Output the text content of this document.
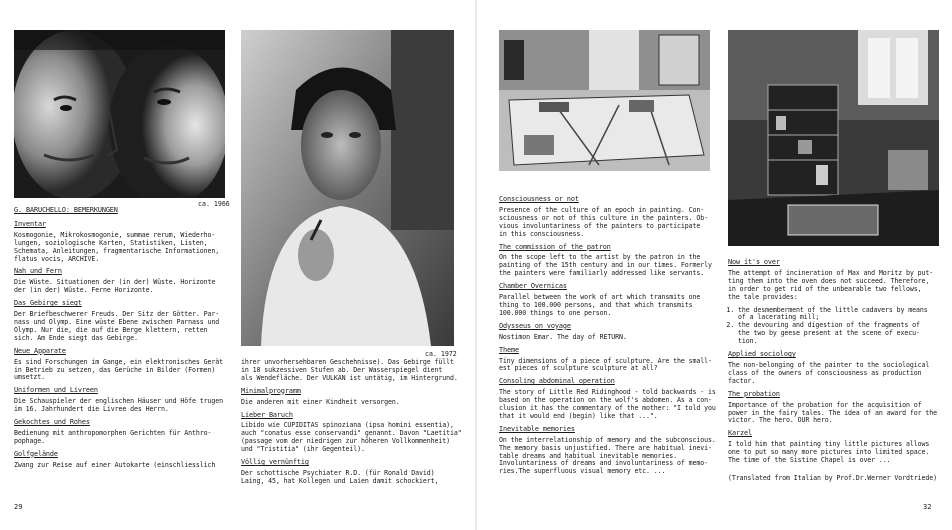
ca. 1966
ca. 1972
G. BARUCHELLO: BEMERKUNGEN
Inventar

Kosmogonie, Mikrokosmogonie, summae rerum, Wiederho-
lungen, soziologische Karten, Statistiken, Listen,
Schemata, Anleitungen, fragmentarische Informationen,
flatus vocis, ARCHIVE.

Nah und Fern

Die Wüste. Situationen der (in der) Wüste. Horizonte
der (in der) Wüste. Ferne Horizonte.

Das Gebirge siegt

Der Briefbeschwerer Freuds. Der Sitz der Götter. Par-
nass und Olymp. Eine wüste Ebene zwischen Parnass und
Olymp. Nur die, die auf die Berge klettern, retten
sich. Am Ende siegt das Gebirge.

Neue Apparate

Es sind Forschungen im Gange, ein elektronisches Gerät
in Betrieb zu setzen, das Gerüche in Bilder (Formen)
umsetzt.

Uniformen und Livreen

Die Schauspieler der englischen Häuser und Höfe trugen
im 16. Jahrhundert die Livree des Herrn.

Gekochtes und Rohes

Bedienung mit anthropomorphen Gerichten für Anthro-
pophage.

Golfgelände

Zwang zur Reise auf einer Autokarte (einschliesslich

ihrer unvorhersehbaren Geschehnisse). Das Gebirge füllt
in 18 sukzessiven Stufen ab. Der Wasserspiegel dient
als Wendefläche. Der VULKAN ist untätig, im Hintergrund.

Minimalprogramm

Die anderen mit einer Kindheit versorgen.

Lieber Baruch

Libido wie CUPIDITAS spinoziana (ipsa homini essentia),
auch "conatus esse conservandi" genannt. Davon "Laetitia"
(passage vom der niedrigen zur höheren Vollkommenheit)
und "Tristitia" (ihr Gegenteil).

Völlig vernünftig

Der schottische Psychiater R.D. (für Ronald David)
Laing, 45, hat Kollegen und Laien damit schockiert,

29
Consciousness or not

Presence of the culture of an epoch in painting. Con-
sciousness or not of this culture in the painters. Ob-
vious involuntariness of the painters to participate
in this consciousness.

The commission of the patron

On the scope left to the artist by the patron in the
painting of the 15th century and in our times. Formerly
the painters were familiarly addressed like servants.

Chamber Overnicas

Parallel between the work of art which transmits one
thing to 100.000 persons, and that which transmits
100.000 things to one person.

Odysseus on voyage

Nostimon Emar. The day of RETURN.

Theme

Tiny dimensions of a piece of sculpture. Are the small-
est pieces of sculpture sculpture at all?

Consoling abdominal operation

The story of Little Red Ridinghood - told backwards - is
based on the operation on the wolf's abdomen. As a con-
clusion it has the commentary of the mother: "I told you
that it would end (begin) like that ...".

Inevitable memories

On the interrelationship of memory and the subconscious.
The memory basis unjustified. There are habitual inevi-
table dreams and habitual inevitable memories.
Involuntariness of dreams and involuntariness of memo-
ries.The superfluous visual memory etc. ...

Now it's over

The attempt of incineration of Max and Moritz by put-
ting them into the oven does not succeed. Therefore,
in order to get rid of the unbearable two fellows,
the tale provides:

1. the desmemberment of the little cadavers by means
of a lacerating mill;
2. the devouring and digestion of the fragments of
the two by geese present at the scene of execu-
tion.
Applied sociology

The non-belonging of the painter to the sociological
class of the owners of consciousness as production
factor.

The probation

Importance of the probation for the acquisition of
power in the fairy tales. The idea of an award for the
victor. The hero. OUR hero.

Karzel

I told him that painting tiny little pictures allows
one to put so many more pictures into limited space.
The time of the Sistine Chapel is over ...

(Translated from Italian by Prof.Dr.Werner Vordtriede)

32
